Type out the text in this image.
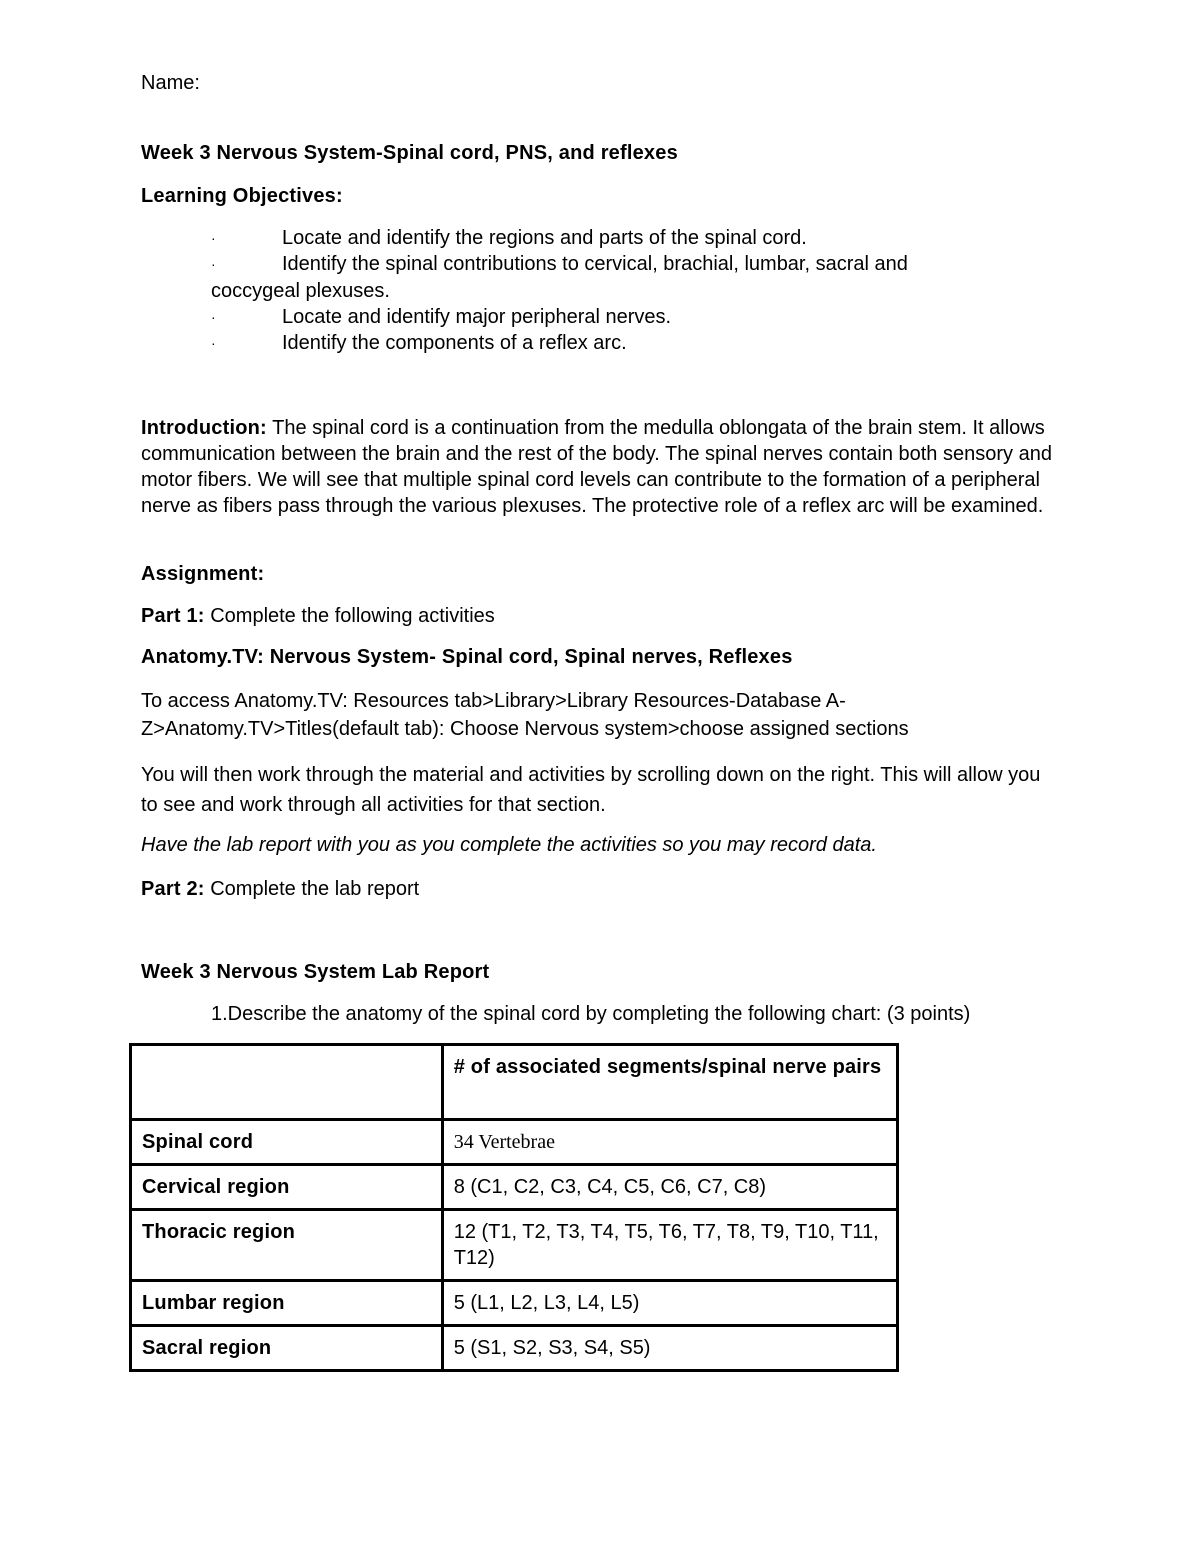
Name:
Week 3 Nervous System-Spinal cord, PNS, and reflexes
Learning Objectives:
·	Locate and identify the regions and parts of the spinal cord.
·	Identify the spinal contributions to cervical, brachial, lumbar, sacral and
coccygeal plexuses.
·	Locate and identify major peripheral nerves.
·	Identify the components of a reflex arc.
Introduction: The spinal cord is a continuation from the medulla oblongata of the brain stem. It allows communication between the brain and the rest of the body. The spinal nerves contain both sensory and motor fibers. We will see that multiple spinal cord levels can contribute to the formation of a peripheral nerve as fibers pass through the various plexuses. The protective role of a reflex arc will be examined.
Assignment:
Part 1: Complete the following activities
Anatomy.TV: Nervous System- Spinal cord, Spinal nerves, Reflexes
To access Anatomy.TV: Resources tab>Library>Library Resources-Database A-Z>Anatomy.TV>Titles(default tab): Choose Nervous system>choose assigned sections
You will then work through the material and activities by scrolling down on the right. This will allow you to see and work through all activities for that section.
Have the lab report with you as you complete the activities so you may record data.
Part 2: Complete the lab report
Week 3 Nervous System Lab Report
1.Describe the anatomy of the spinal cord by completing the following chart: (3 points)
	# of associated segments/spinal nerve pairs
Spinal cord	34 Vertebrae
Cervical region	8 (C1, C2, C3, C4, C5, C6, C7, C8)
Thoracic region	12 (T1, T2, T3, T4, T5, T6, T7, T8, T9, T10, T11, T12)
Lumbar region	5 (L1, L2, L3, L4, L5)
Sacral region	5 (S1, S2, S3, S4, S5)
